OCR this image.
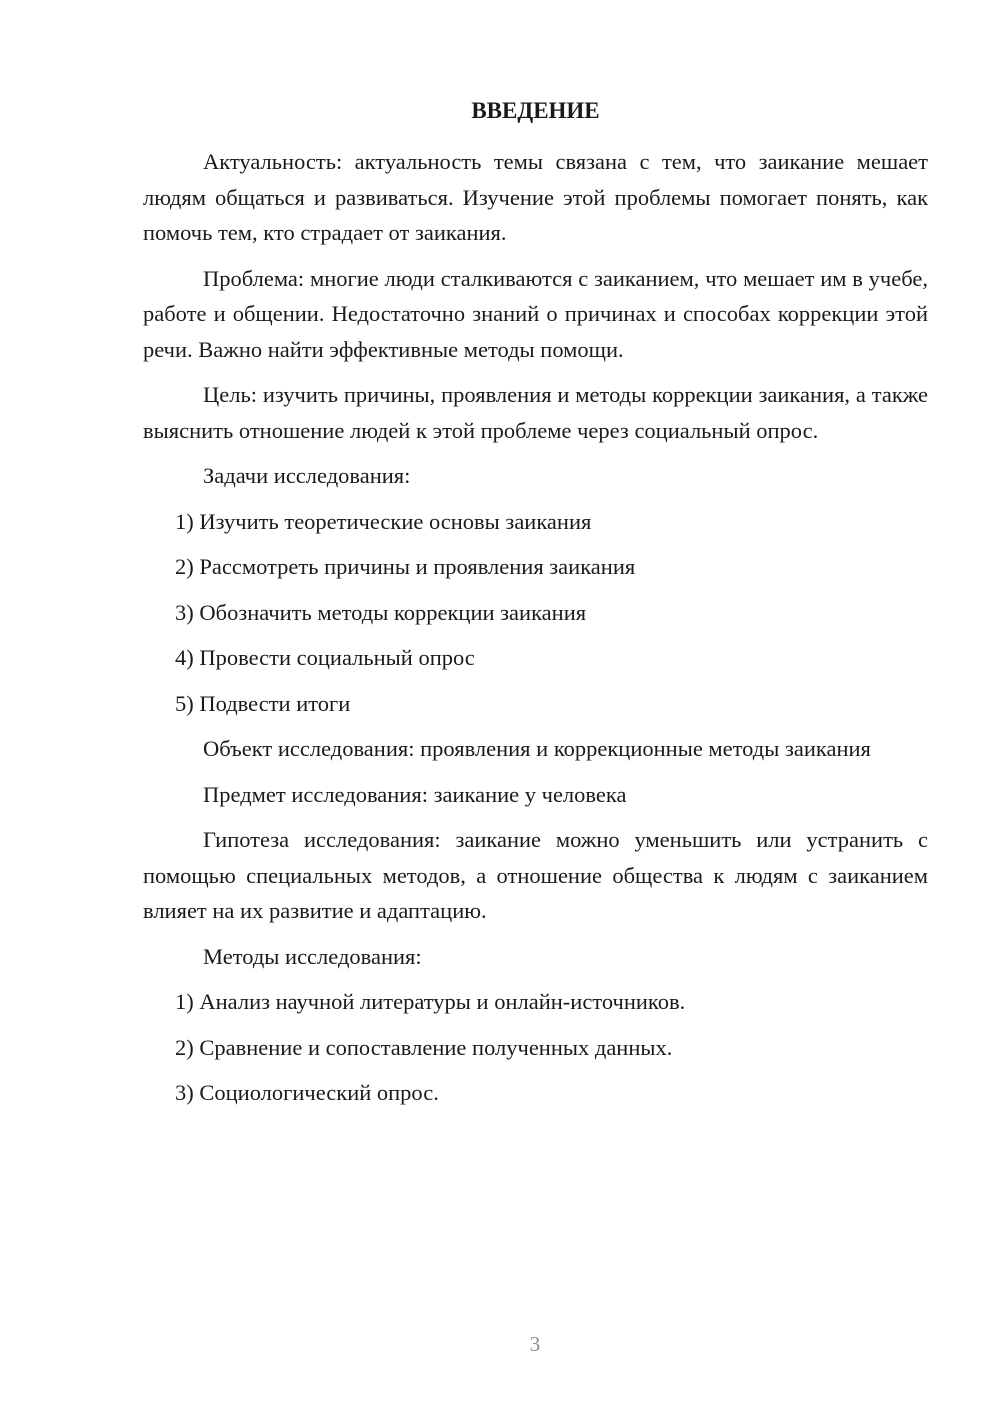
ВВЕДЕНИЕ

Актуальность: актуальность темы связана с тем, что заикание мешает людям общаться и развиваться. Изучение этой проблемы помогает понять, как помочь тем, кто страдает от заикания.

Проблема: многие люди сталкиваются с заиканием, что мешает им в учебе, работе и общении. Недостаточно знаний о причинах и способах коррекции этой речи. Важно найти эффективные методы помощи.

Цель: изучить причины, проявления и методы коррекции заикания, а также выяснить отношение людей к этой проблеме через социальный опрос.

Задачи исследования:

1) Изучить теоретические основы заикания

2) Рассмотреть причины и проявления заикания

3) Обозначить методы коррекции заикания

4) Провести социальный опрос

5) Подвести итоги

Объект исследования: проявления и коррекционные методы заикания

Предмет исследования: заикание у человека

Гипотеза исследования: заикание можно уменьшить или устранить с помощью специальных методов, а отношение общества к людям с заиканием влияет на их развитие и адаптацию.

Методы исследования:

1) Анализ научной литературы и онлайн-источников.

2) Сравнение и сопоставление полученных данных.

3) Социологический опрос.

3
